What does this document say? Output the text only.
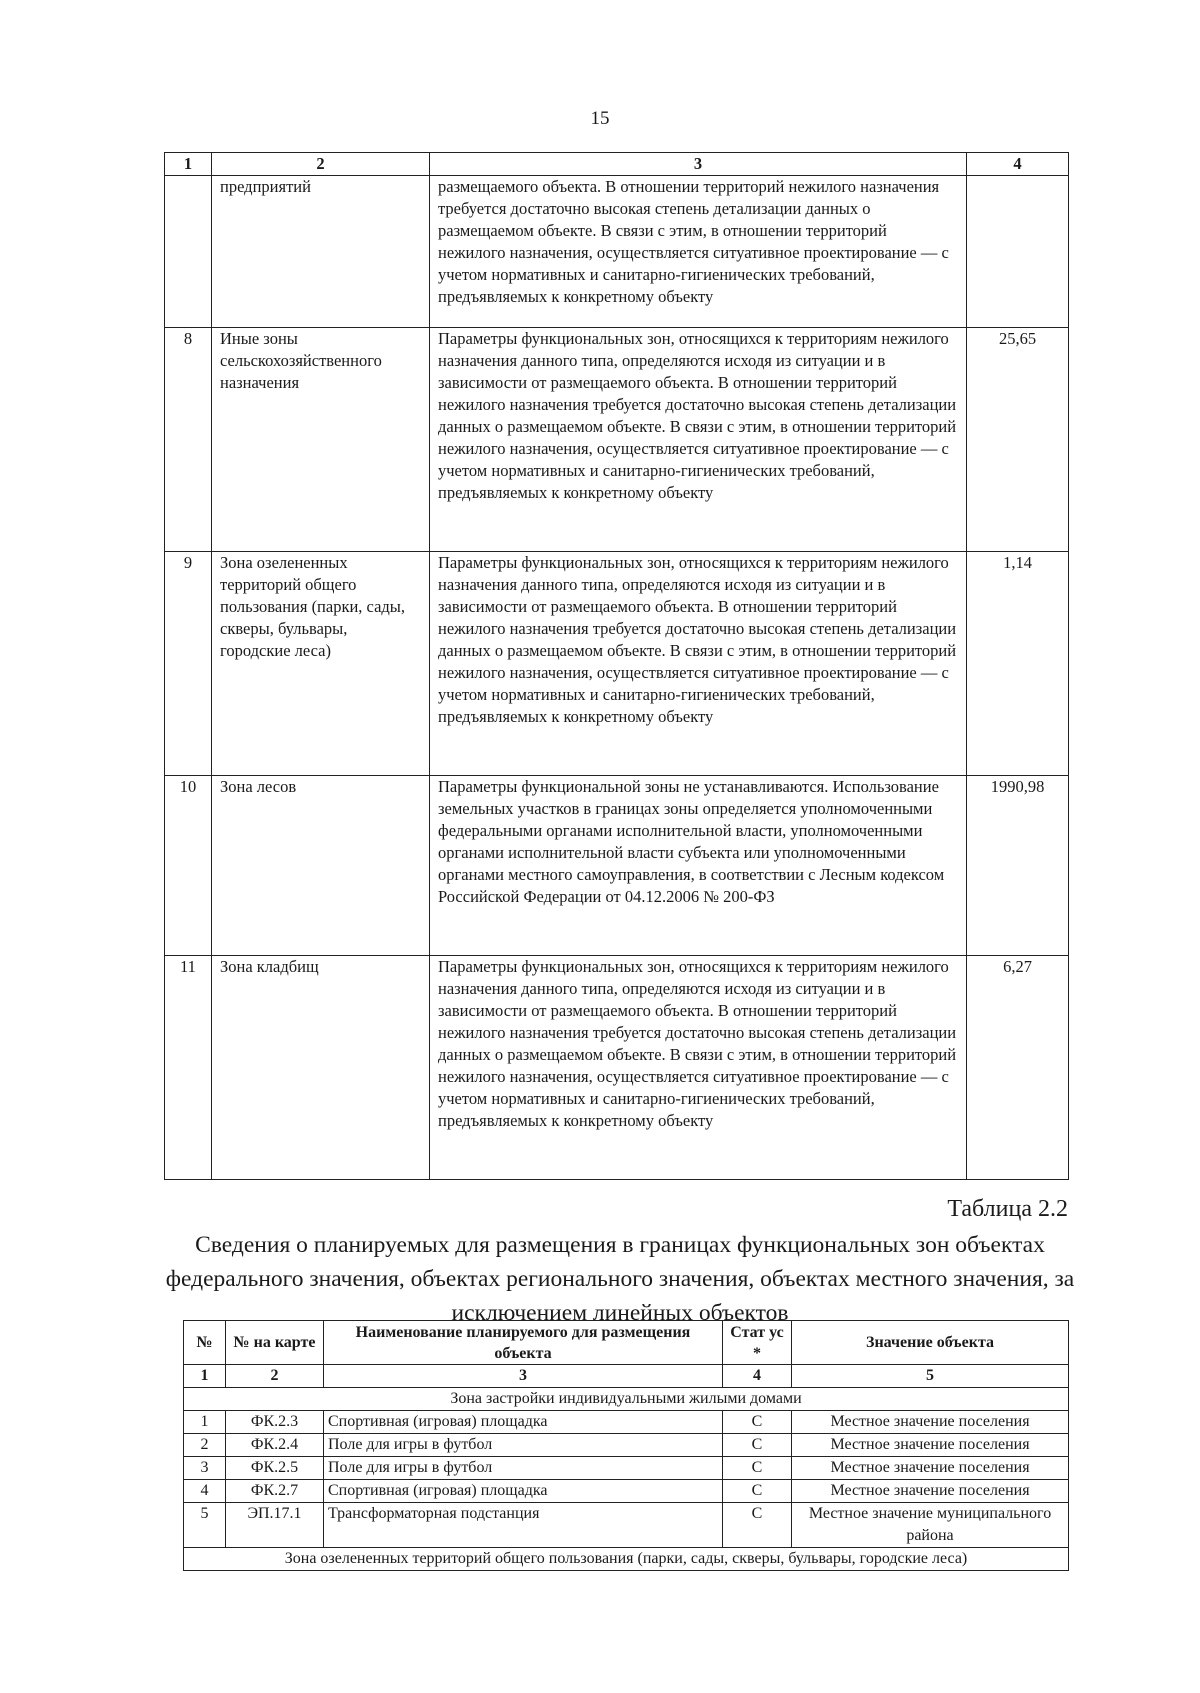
15
1	2	3	4
	предприятий	размещаемого объекта. В отношении территорий нежилого назначения требуется достаточно высокая степень детализации данных о размещаемом объекте. В связи с этим, в отношении территорий нежилого назначения, осуществляется ситуативное проектирование — с учетом нормативных и санитарно-гигиенических требований, предъявляемых к конкретному объекту	
8	Иные зоны сельскохозяйственного назначения	Параметры функциональных зон, относящихся к территориям нежилого назначения данного типа, определяются исходя из ситуации и в зависимости от размещаемого объекта. В отношении территорий нежилого назначения требуется достаточно высокая степень детализации данных о размещаемом объекте. В связи с этим, в отношении территорий нежилого назначения, осуществляется ситуативное проектирование — с учетом нормативных и санитарно-гигиенических требований, предъявляемых к конкретному объекту	25,65
9	Зона озелененных территорий общего пользования (парки, сады, скверы, бульвары, городские леса)	Параметры функциональных зон, относящихся к территориям нежилого назначения данного типа, определяются исходя из ситуации и в зависимости от размещаемого объекта. В отношении территорий нежилого назначения требуется достаточно высокая степень детализации данных о размещаемом объекте. В связи с этим, в отношении территорий нежилого назначения, осуществляется ситуативное проектирование — с учетом нормативных и санитарно-гигиенических требований, предъявляемых к конкретному объекту	1,14
10	Зона лесов	Параметры функциональной зоны не устанавливаются. Использование земельных участков в границах зоны определяется уполномоченными федеральными органами исполнительной власти, уполномоченными органами исполнительной власти субъекта или уполномоченными органами местного самоуправления, в соответствии с Лесным кодексом Российской Федерации от 04.12.2006 № 200-ФЗ	1990,98
11	Зона кладбищ	Параметры функциональных зон, относящихся к территориям нежилого назначения данного типа, определяются исходя из ситуации и в зависимости от размещаемого объекта. В отношении территорий нежилого назначения требуется достаточно высокая степень детализации данных о размещаемом объекте. В связи с этим, в отношении территорий нежилого назначения, осуществляется ситуативное проектирование — с учетом нормативных и санитарно-гигиенических требований, предъявляемых к конкретному объекту	6,27
Таблица 2.2
Сведения о планируемых для размещения в границах функциональных зон объектах федерального значения, объектах регионального значения, объектах местного значения, за исключением линейных объектов
№	№ на карте	Наименование планируемого для размещения объекта	Стат ус *	Значение объекта
1	2	3	4	5
Зона застройки индивидуальными жилыми домами				
1	ФК.2.3	Спортивная (игровая) площадка	С	Местное значение поселения
2	ФК.2.4	Поле для игры в футбол	С	Местное значение поселения
3	ФК.2.5	Поле для игры в футбол	С	Местное значение поселения
4	ФК.2.7	Спортивная (игровая) площадка	С	Местное значение поселения
5	ЭП.17.1	Трансформаторная подстанция	С	Местное значение муниципального района
Зона озелененных территорий общего пользования (парки, сады, скверы, бульвары, городские леса)				
